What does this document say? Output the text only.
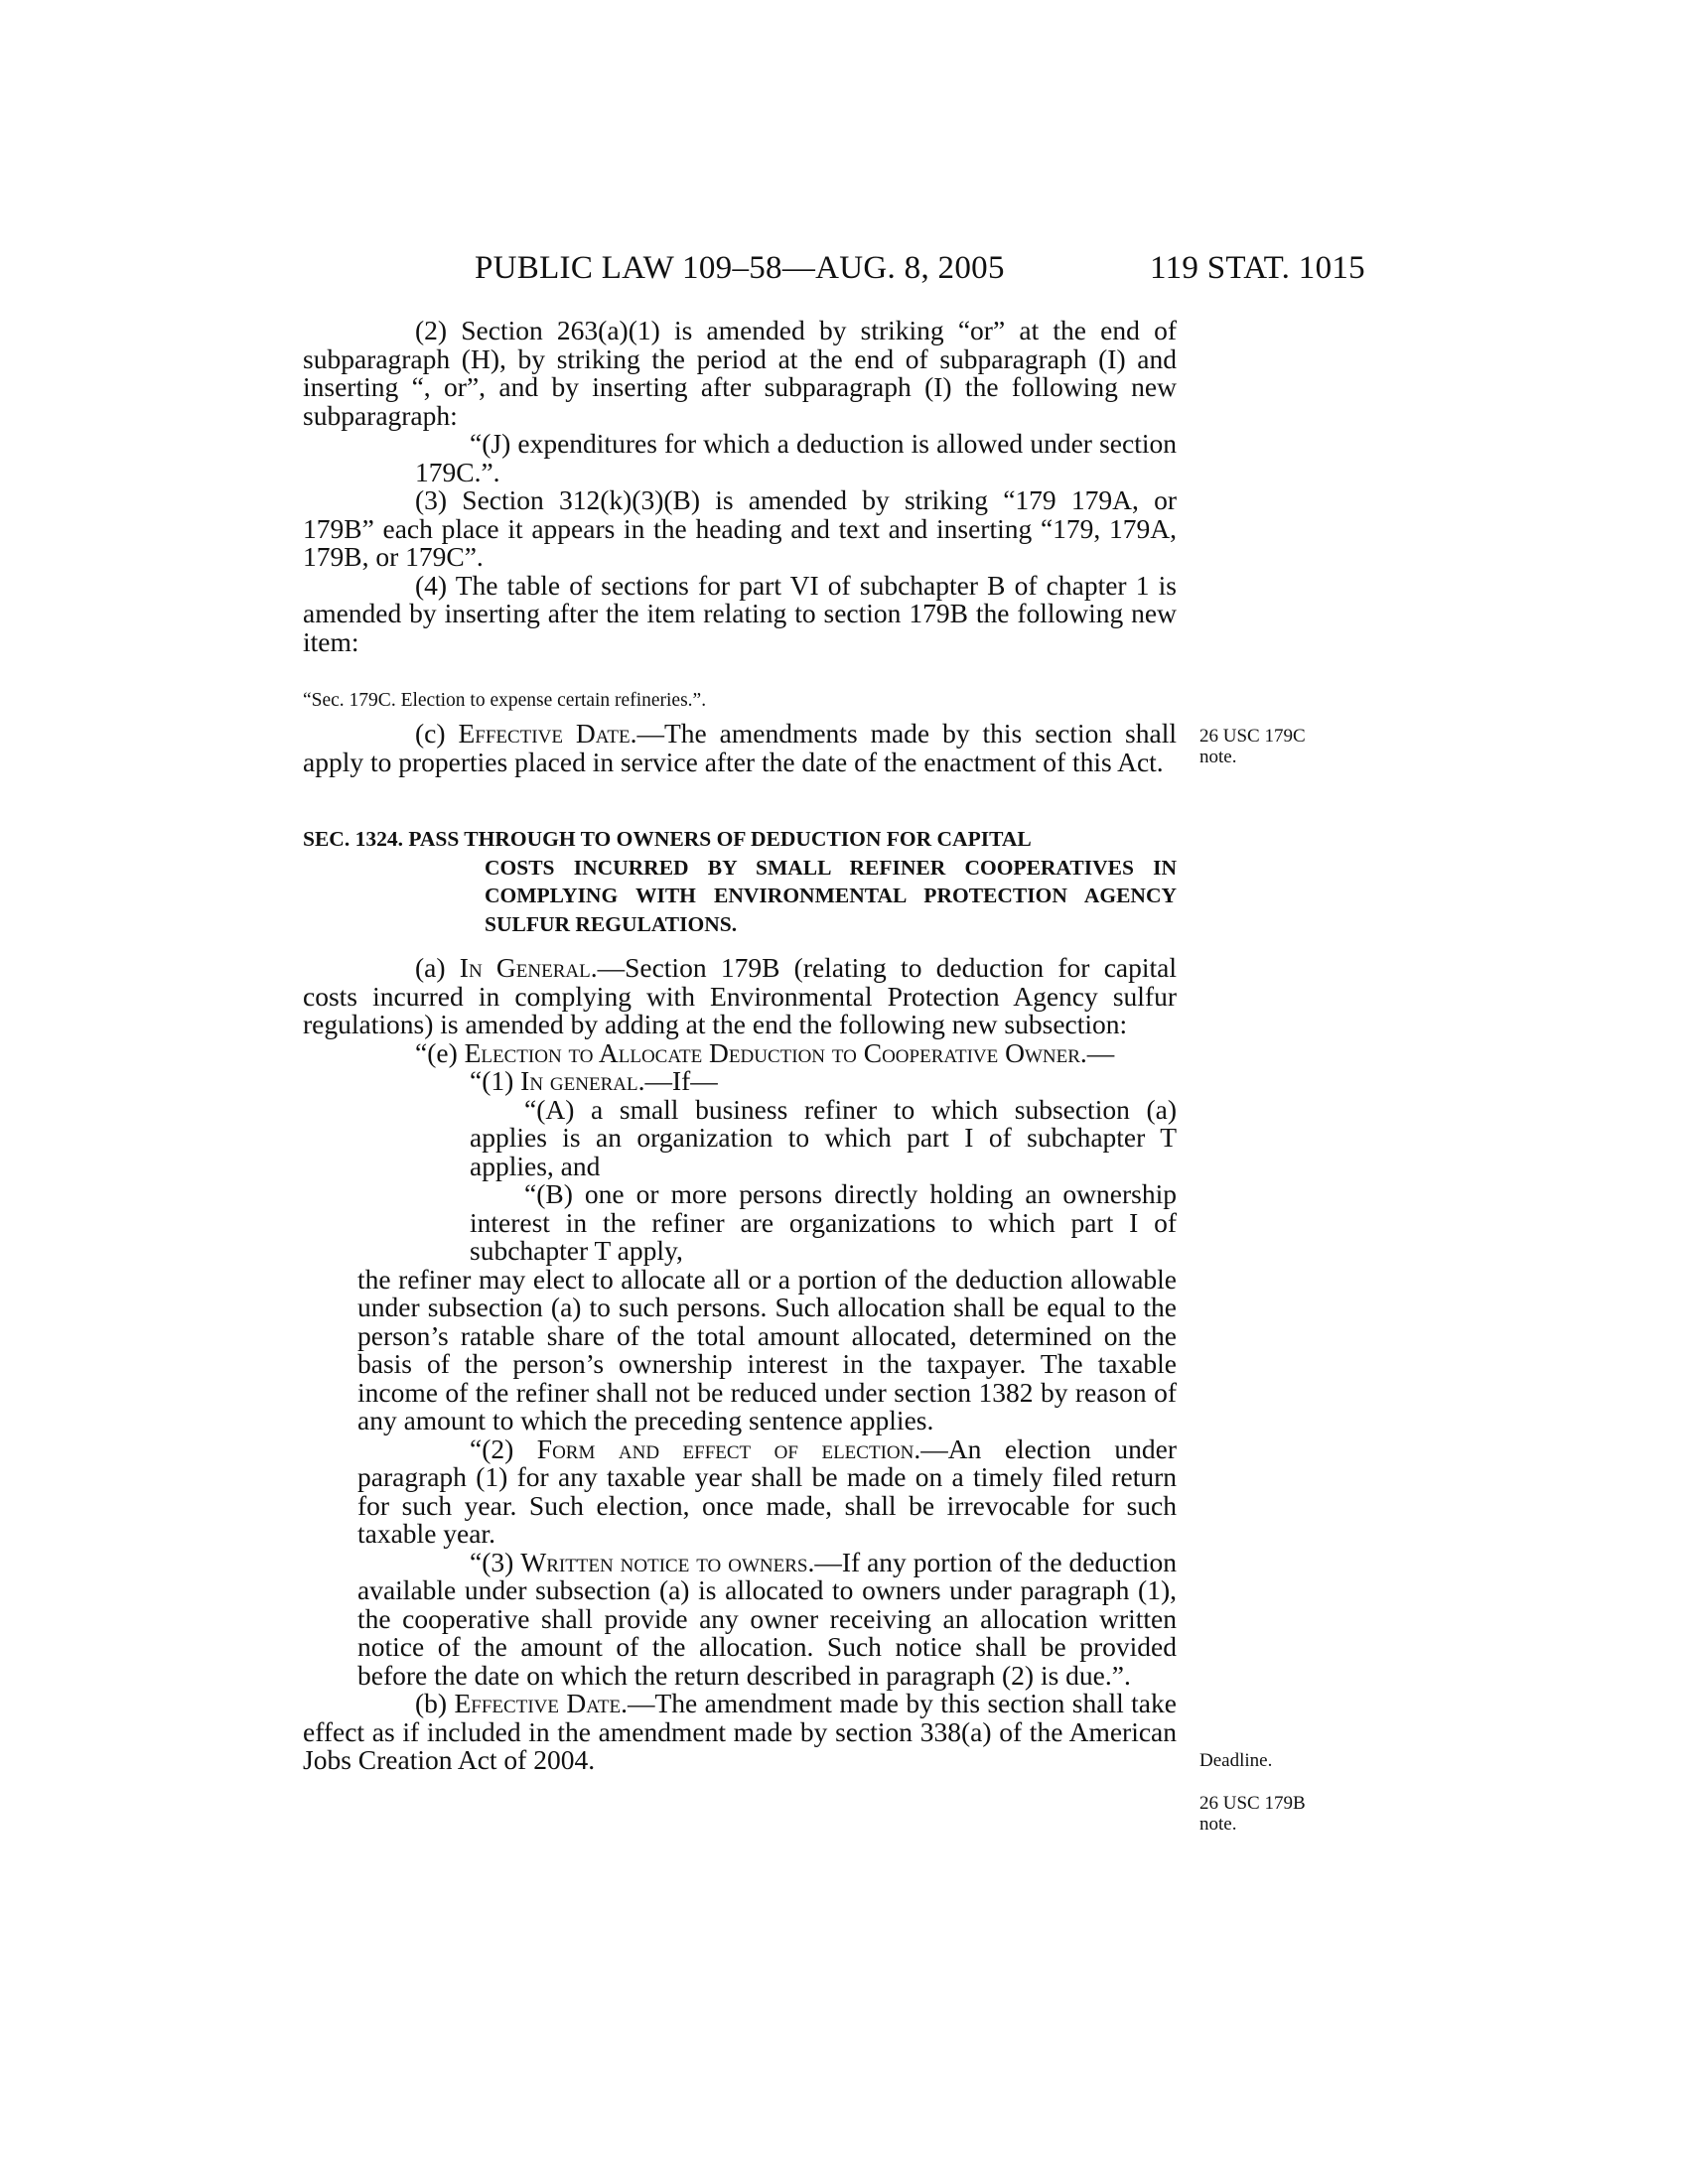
PUBLIC LAW 109–58—AUG. 8, 2005	119 STAT. 1015

(2) Section 263(a)(1) is amended by striking “or” at the end of subparagraph (H), by striking the period at the end of subparagraph (I) and inserting “, or”, and by inserting after subparagraph (I) the following new subparagraph:

“(J) expenditures for which a deduction is allowed under section 179C.”.

(3) Section 312(k)(3)(B) is amended by striking “179 179A, or 179B” each place it appears in the heading and text and inserting “179, 179A, 179B, or 179C”.

(4) The table of sections for part VI of subchapter B of chapter 1 is amended by inserting after the item relating to section 179B the following new item:

“Sec. 179C. Election to expense certain refineries.”.

(c) Effective Date.—The amendments made by this section shall apply to properties placed in service after the date of the enactment of this Act.

26 USC 179C
note.
SEC. 1324. PASS THROUGH TO OWNERS OF DEDUCTION FOR CAPITAL
COSTS INCURRED BY SMALL REFINER COOPERATIVES IN COMPLYING WITH ENVIRONMENTAL PROTECTION AGENCY SULFUR REGULATIONS.

(a) In General.—Section 179B (relating to deduction for capital costs incurred in complying with Environmental Protection Agency sulfur regulations) is amended by adding at the end the following new subsection:

“(e) Election to Allocate Deduction to Cooperative Owner.—

“(1) In general.—If—

“(A) a small business refiner to which subsection (a) applies is an organization to which part I of subchapter T applies, and

“(B) one or more persons directly holding an ownership interest in the refiner are organizations to which part I of subchapter T apply,

the refiner may elect to allocate all or a portion of the deduction allowable under subsection (a) to such persons. Such allocation shall be equal to the person’s ratable share of the total amount allocated, determined on the basis of the person’s ownership interest in the taxpayer. The taxable income of the refiner shall not be reduced under section 1382 by reason of any amount to which the preceding sentence applies.

“(2) Form and effect of election.—An election under paragraph (1) for any taxable year shall be made on a timely filed return for such year. Such election, once made, shall be irrevocable for such taxable year.

“(3) Written notice to owners.—If any portion of the deduction available under subsection (a) is allocated to owners under paragraph (1), the cooperative shall provide any owner receiving an allocation written notice of the amount of the allocation. Such notice shall be provided before the date on which the return described in paragraph (2) is due.”.

(b) Effective Date.—The amendment made by this section shall take effect as if included in the amendment made by section 338(a) of the American Jobs Creation Act of 2004.	Deadline.
26 USC 179B
note.
